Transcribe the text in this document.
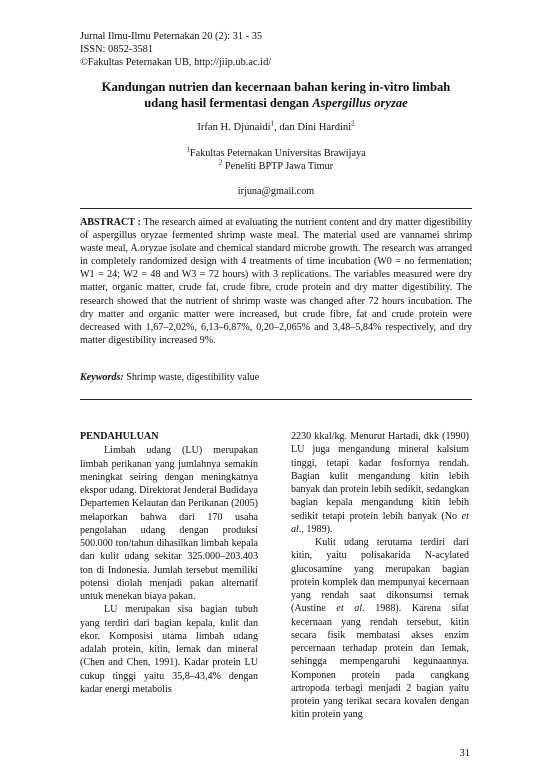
Jurnal Ilmu-Ilmu Peternakan 20 (2): 31 - 35
ISSN: 0852-3581
©Fakultas Peternakan UB, http://jiip.ub.ac.id/
Kandungan nutrien dan kecernaan bahan kering in-vitro limbah
udang hasil fermentasi dengan Aspergillus oryzae
Irfan H. Djunaidi$^1$, dan Dini Hardini$^2$
$^1$Fakultas Peternakan Universitas Brawijaya
$^2$ Peneliti BPTP Jawa Timur
irjuna@gmail.com

ABSTRACT : The research aimed at evaluating the nutrient content and dry matter digestibility of aspergillus oryzae fermented shrimp waste meal. The material used are vannamei shrimp waste meal, A.oryzae isolate and chemical standard microbe growth. The research was arranged in completely randomized design with 4 treatments of time incubation (W0 = no fermentation; W1 = 24; W2 = 48 and W3 = 72 hours) with 3 replications. The variables measured were dry matter, organic matter, crude fat, crude fibre, crude protein and dry matter digestibility. The research showed that the nutrient of shrimp waste was changed after 72 hours incubation. The dry matter and organic matter were increased, but crude fibre, fat and crude protein were decreased with 1,67–2,02%, 6,13–6,87%, 0,20–2,065% and 3,48–5,84% respectively, and dry matter digestibility increased 9%.

Keywords: Shrimp waste, digestibility value
PENDAHULUAN

Limbah udang (LU) merupakan limbah perikanan yang jumlahnya semakin meningkat seiring dengan meningkatnya ekspor udang. Direktorat Jenderal Budidaya Departemen Kelautan dan Perikanan (2005) melaporkan bahwa dari 170 usaha pengolahan udang dengan produksi 500.000 ton/tahun dihasilkan limbah kepala dan kulit udang sekitar 325.000–203.403 ton di Indonesia. Jumlah tersebut memiliki potensi diolah menjadi pakan alternatif untuk menekan biaya pakan.

LU merupakan sisa bagian tubuh yang terdiri dari bagian kepala, kulit dan ekor. Komposisi utama limbah udang adalah protein, kitin, lemak dan mineral (Chen and Chen, 1991). Kadar protein LU cukup tinggi yaitu 35,8–43,4% dengan kadar energi metabolis

2230 kkal/kg. Menurut Hartadi, dkk (1990) LU juga mengandung mineral kalsium tinggi, tetapi kadar fosfornya rendah. Bagian kulit mengandung kitin lebih banyak dan protein lebih sedikit, sedangkan bagian kepala mengandung kitin lebih sedikit tetapi protein lebih banyak (No et al., 1989).

Kulit udang terutama terdiri dari kitin, yaitu polisakarida N-acylated glucosamine yang merupakan bagian protein komplek dan mempunyai kecernaan yang rendah saat dikonsumsi ternak (Austine et al. 1988). Karena sifat kecernaan yang rendah tersebut, kitin secara fisik membatasi akses enzim percernaan terhadap protein dan lemak, sehingga mempengaruhi kegunaannya. Komponen protein pada cangkang artropoda terbagi menjadi 2 bagian yaitu protein yang terikat secara kovalen dengan kitin protein yang

31
